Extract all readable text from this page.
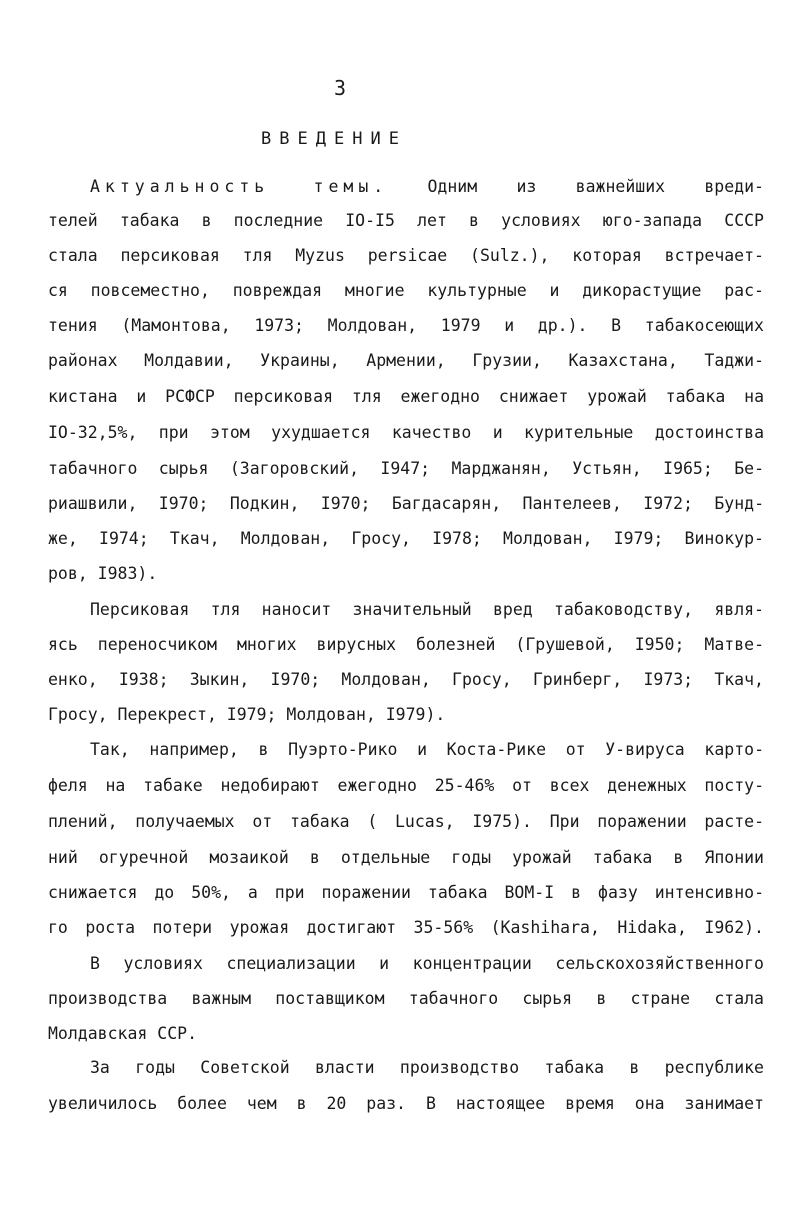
3
ВВЕДЕНИЕ
Актуальность темы. Одним из важнейших вреди-
телей табака в последние IO-I5 лет в условиях юго-запада СССР
стала персиковая тля Myzus persicae (Sulz.), которая встречает-
ся повсеместно, повреждая многие культурные и дикорастущие рас-
тения (Мамонтова, 1973; Молдован, 1979 и др.). В табакосеющих
районах Молдавии, Украины, Армении, Грузии, Казахстана, Таджи-
кистана и РСФСР персиковая тля ежегодно снижает урожай табака на
IO-32,5%, при этом ухудшается качество и курительные достоинства
табачного сырья (Загоровский, I947; Марджанян, Устьян, I965; Бе-
риашвили, I970; Подкин, I970; Багдасарян, Пантелеев, I972; Бунд-
же, I974; Ткач, Молдован, Гросу, I978; Молдован, I979; Винокур-
ров, I983).
Персиковая тля наносит значительный вред табаководству, явля-
ясь переносчиком многих вирусных болезней (Грушевой, I950; Матве-
енко, I938; Зыкин, I970; Молдован, Гросу, Гринберг, I973; Ткач,
Гросу, Перекрест, I979; Молдован, I979).
Так, например, в Пуэрто-Рико и Коста-Рике от У-вируса карто-
феля на табаке недобирают ежегодно 25-46% от всех денежных посту-
плений, получаемых от табака ( Lucas, I975). При поражении расте-
ний огуречной мозаикой в отдельные годы урожай табака в Японии
снижается до 50%, а при поражении табака ВОМ-I в фазу интенсивно-
го роста потери урожая достигают 35-56% (Kashihara, Hidaka, I962).
В условиях специализации и концентрации сельскохозяйственного
производства важным поставщиком табачного сырья в стране стала
Молдавская ССР.
За годы Советской власти производство табака в республике
увеличилось более чем в 20 раз. В настоящее время она занимает
